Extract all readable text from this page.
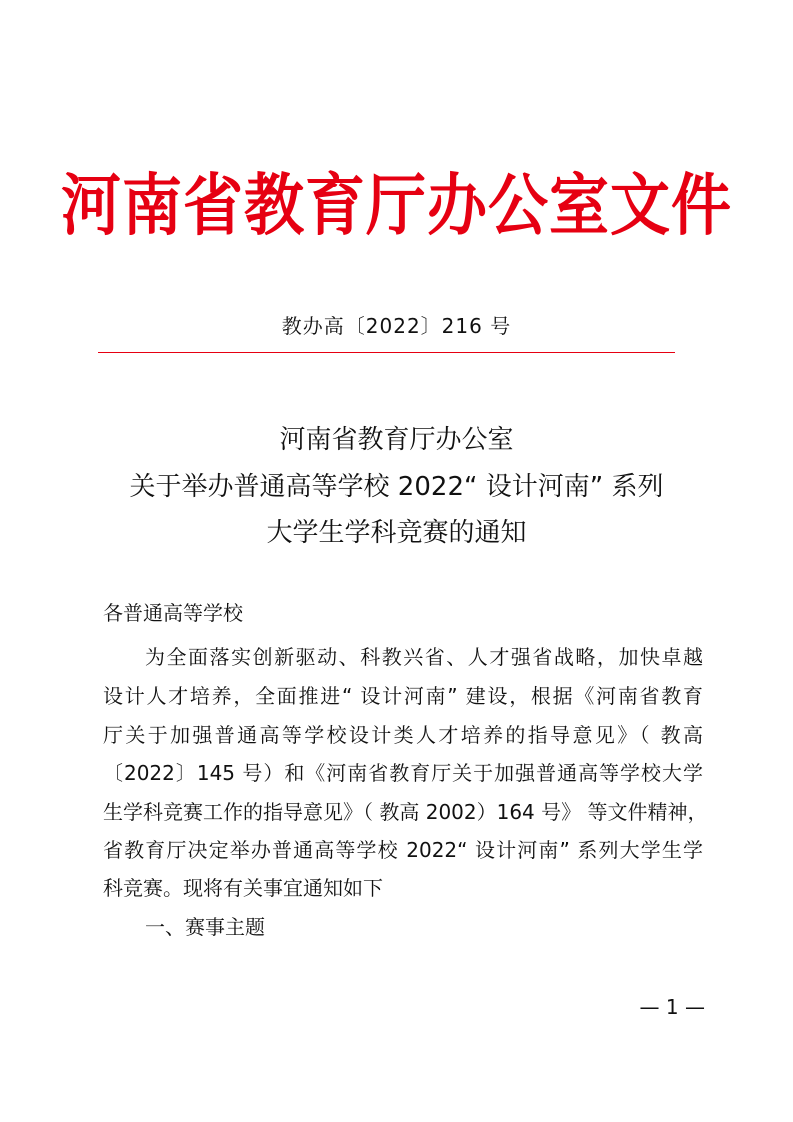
河南省教育厅办公室文件
教办高〔2022〕216 号
河南省教育厅办公室
关于举办普通高等学校 2022“ 设计河南” 系列
大学生学科竞赛的通知
各普通高等学校
为全面落实创新驱动、科教兴省、人才强省战略，加快卓越
设计人才培养，全面推进“ 设计河南” 建设，根据《河南省教育
厅关于加强普通高等学校设计类人才培养的指导意见》（ 教高
〔2022〕145 号）和《河南省教育厅关于加强普通高等学校大学
生学科竞赛工作的指导意见》（ 教高 2002）164 号》 等文件精神，
省教育厅决定举办普通高等学校 2022“ 设计河南” 系列大学生学
科竞赛。现将有关事宜通知如下
一、赛事主题
— 1 —
